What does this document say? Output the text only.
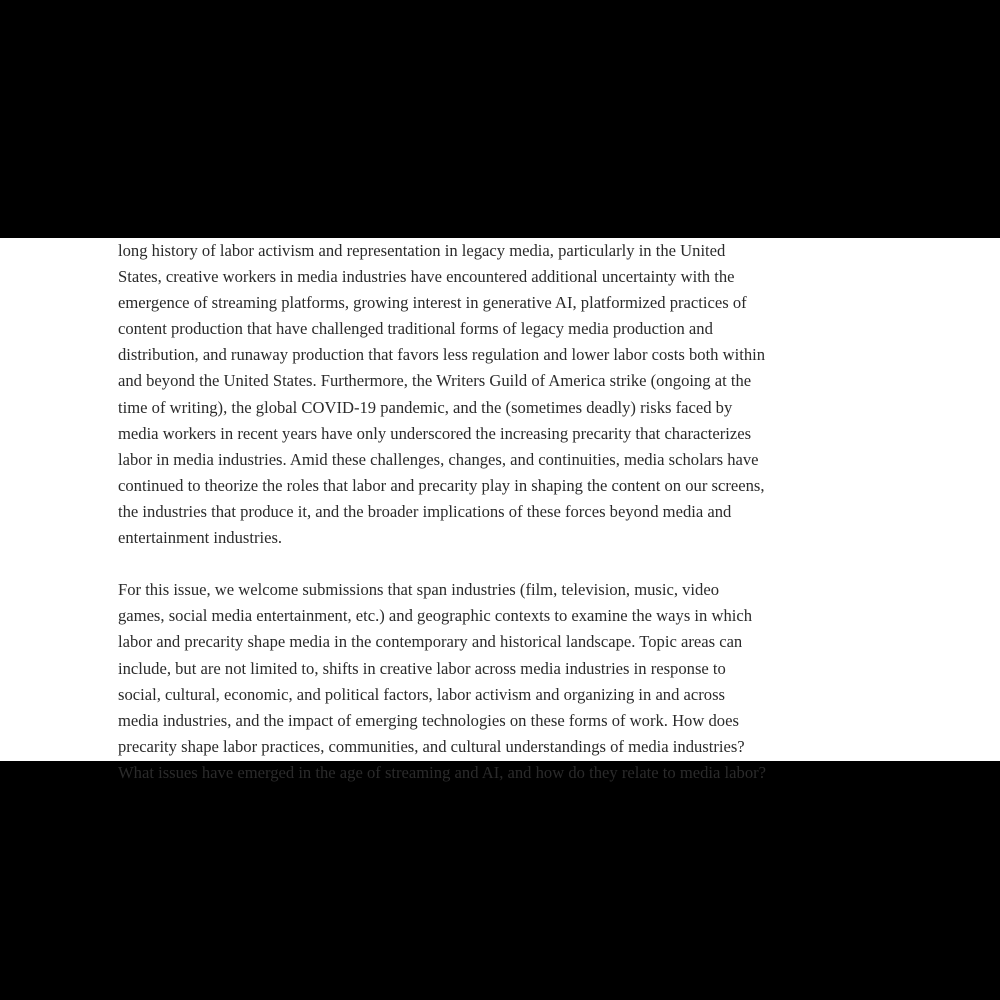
long history of labor activism and representation in legacy media, particularly in the United
States, creative workers in media industries have encountered additional uncertainty with the
emergence of streaming platforms, growing interest in generative AI, platformized practices of
content production that have challenged traditional forms of legacy media production and
distribution, and runaway production that favors less regulation and lower labor costs both within
and beyond the United States. Furthermore, the Writers Guild of America strike (ongoing at the
time of writing), the global COVID-19 pandemic, and the (sometimes deadly) risks faced by
media workers in recent years have only underscored the increasing precarity that characterizes
labor in media industries. Amid these challenges, changes, and continuities, media scholars have
continued to theorize the roles that labor and precarity play in shaping the content on our screens,
the industries that produce it, and the broader implications of these forces beyond media and
entertainment industries.
For this issue, we welcome submissions that span industries (film, television, music, video
games, social media entertainment, etc.) and geographic contexts to examine the ways in which
labor and precarity shape media in the contemporary and historical landscape. Topic areas can
include, but are not limited to, shifts in creative labor across media industries in response to
social, cultural, economic, and political factors, labor activism and organizing in and across
media industries, and the impact of emerging technologies on these forms of work. How does
precarity shape labor practices, communities, and cultural understandings of media industries?
What issues have emerged in the age of streaming and AI, and how do they relate to media labor?
